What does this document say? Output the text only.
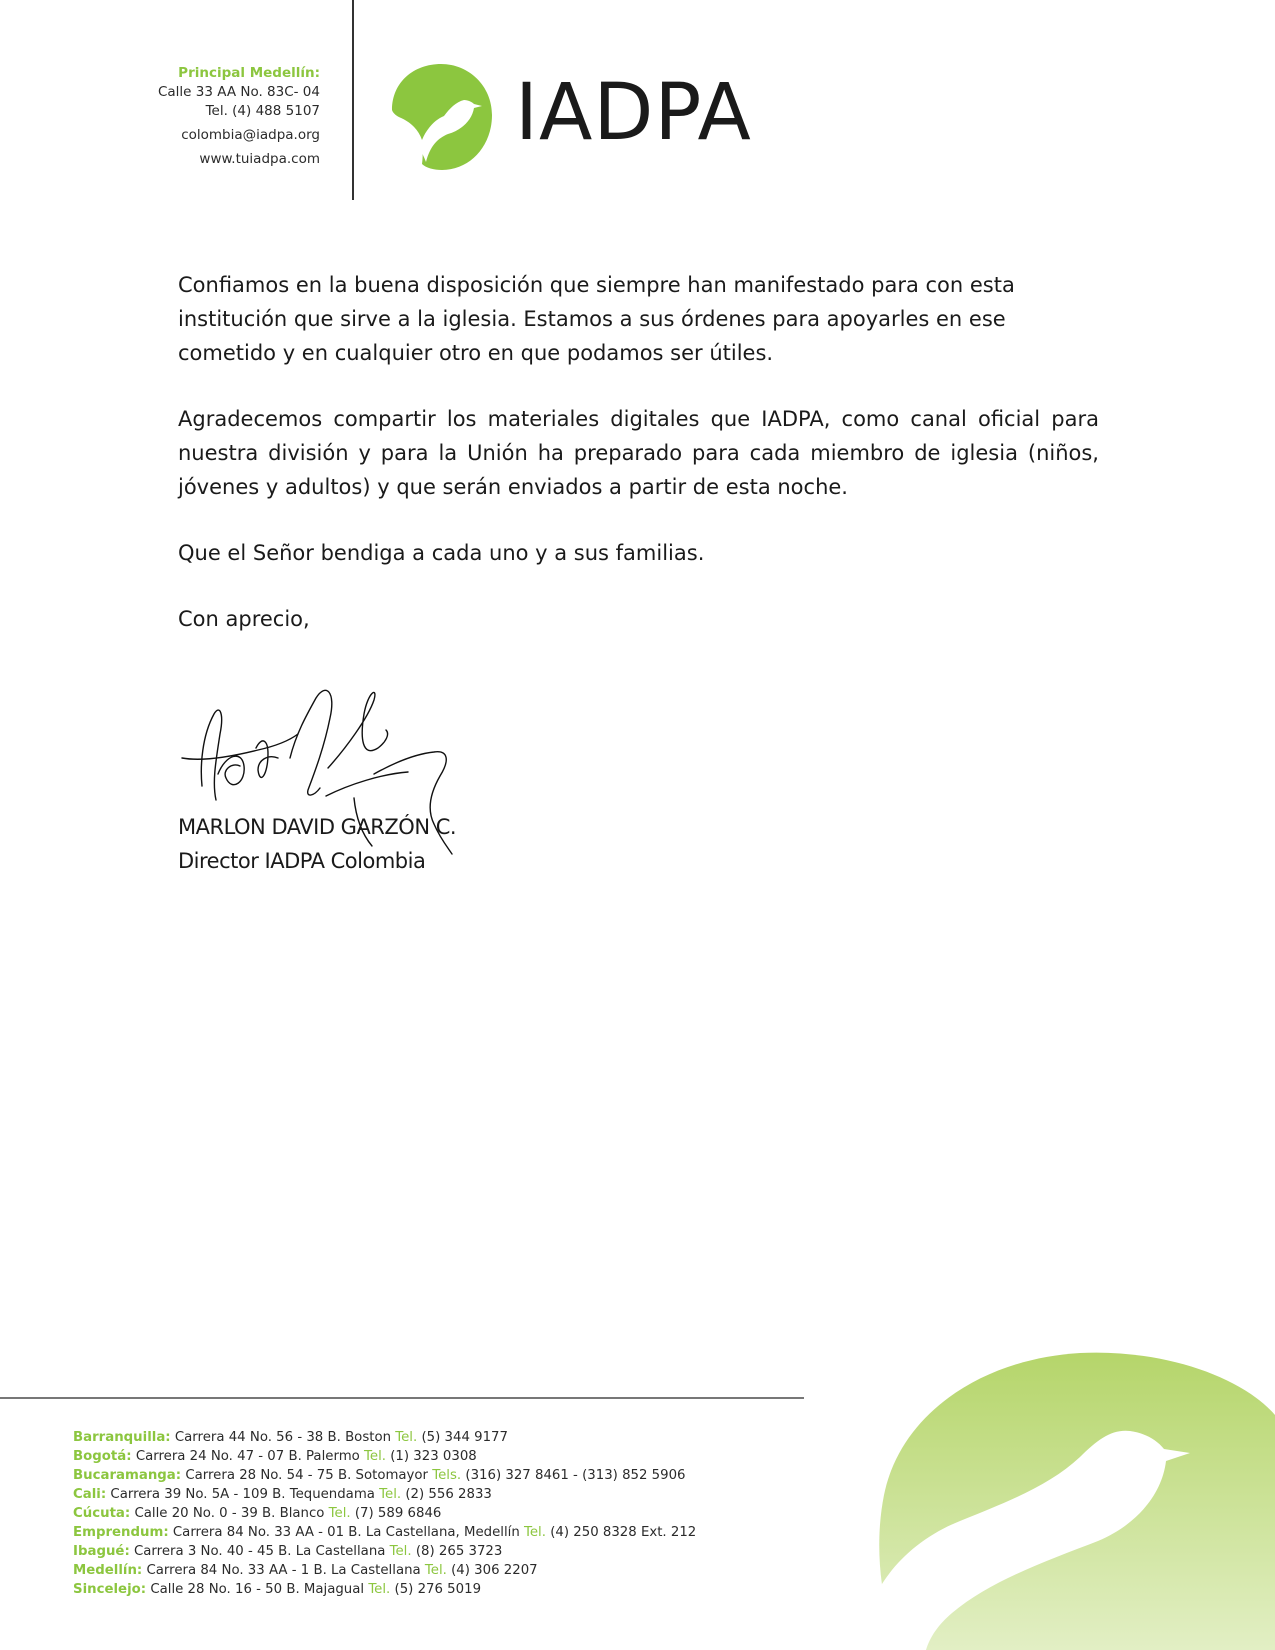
Principal Medellín:
Calle 33 AA No. 83C- 04
Tel. (4) 488 5107
colombia@iadpa.org
www.tuiadpa.com
IADPA

Confiamos en la buena disposición que siempre han manifestado para con esta institución que sirve a la iglesia. Estamos a sus órdenes para apoyarles en ese cometido y en cualquier otro en que podamos ser útiles.

Agradecemos compartir los materiales digitales que IADPA, como canal oficial para nuestra división y para la Unión ha preparado para cada miembro de iglesia (niños, jóvenes y adultos) y que serán enviados a partir de esta noche.

Que el Señor bendiga a cada uno y a sus familias.

Con aprecio,

MARLON DAVID GARZÓN C.
Director IADPA Colombia
Barranquilla: Carrera 44 No. 56 - 38 B. Boston Tel. (5) 344 9177
Bogotá: Carrera 24 No. 47 - 07 B. Palermo Tel. (1) 323 0308
Bucaramanga: Carrera 28 No. 54 - 75 B. Sotomayor Tels. (316) 327 8461 - (313) 852 5906
Cali: Carrera 39 No. 5A - 109 B. Tequendama Tel. (2) 556 2833
Cúcuta: Calle 20 No. 0 - 39 B. Blanco Tel. (7) 589 6846
Emprendum: Carrera 84 No. 33 AA - 01 B. La Castellana, Medellín Tel. (4) 250 8328 Ext. 212
Ibagué: Carrera 3 No. 40 - 45 B. La Castellana Tel. (8) 265 3723
Medellín: Carrera 84 No. 33 AA - 1 B. La Castellana Tel. (4) 306 2207
Sincelejo: Calle 28 No. 16 - 50 B. Majagual Tel. (5) 276 5019
